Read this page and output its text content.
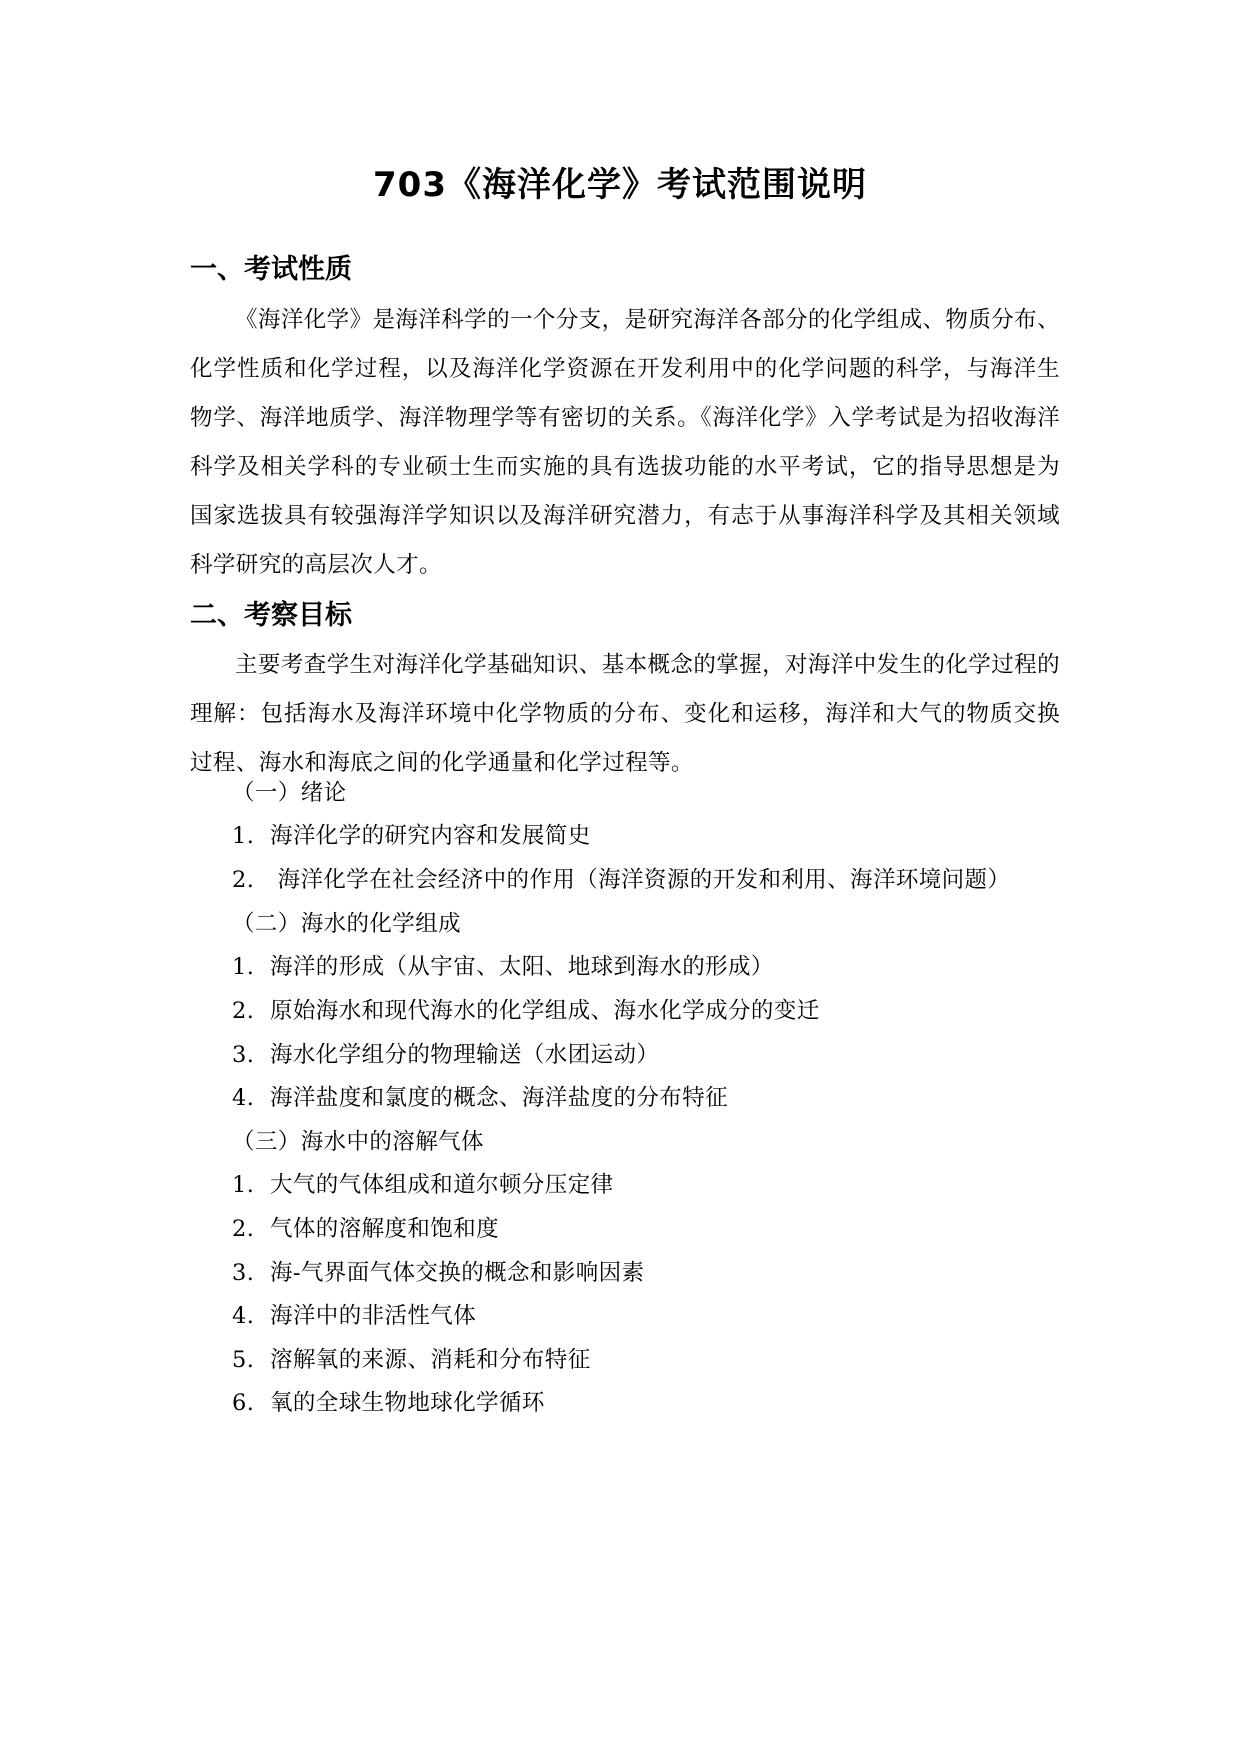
703《海洋化学》考试范围说明
一、考试性质
《海洋化学》是海洋科学的一个分支，是研究海洋各部分的化学组成、物质分布、化学性质和化学过程，以及海洋化学资源在开发利用中的化学问题的科学，与海洋生物学、海洋地质学、海洋物理学等有密切的关系。《海洋化学》入学考试是为招收海洋科学及相关学科的专业硕士生而实施的具有选拔功能的水平考试，它的指导思想是为国家选拔具有较强海洋学知识以及海洋研究潜力，有志于从事海洋科学及其相关领域科学研究的高层次人才。
二、考察目标
主要考查学生对海洋化学基础知识、基本概念的掌握，对海洋中发生的化学过程的理解：包括海水及海洋环境中化学物质的分布、变化和运移，海洋和大气的物质交换过程、海水和海底之间的化学通量和化学过程等。
（一）绪论
1. 海洋化学的研究内容和发展简史
2. 海洋化学在社会经济中的作用（海洋资源的开发和利用、海洋环境问题）
（二）海水的化学组成
1. 海洋的形成（从宇宙、太阳、地球到海水的形成）
2. 原始海水和现代海水的化学组成、海水化学成分的变迁
3. 海水化学组分的物理输送（水团运动）
4. 海洋盐度和氯度的概念、海洋盐度的分布特征
（三）海水中的溶解气体
1. 大气的气体组成和道尔顿分压定律
2. 气体的溶解度和饱和度
3. 海-气界面气体交换的概念和影响因素
4. 海洋中的非活性气体
5. 溶解氧的来源、消耗和分布特征
6. 氧的全球生物地球化学循环
